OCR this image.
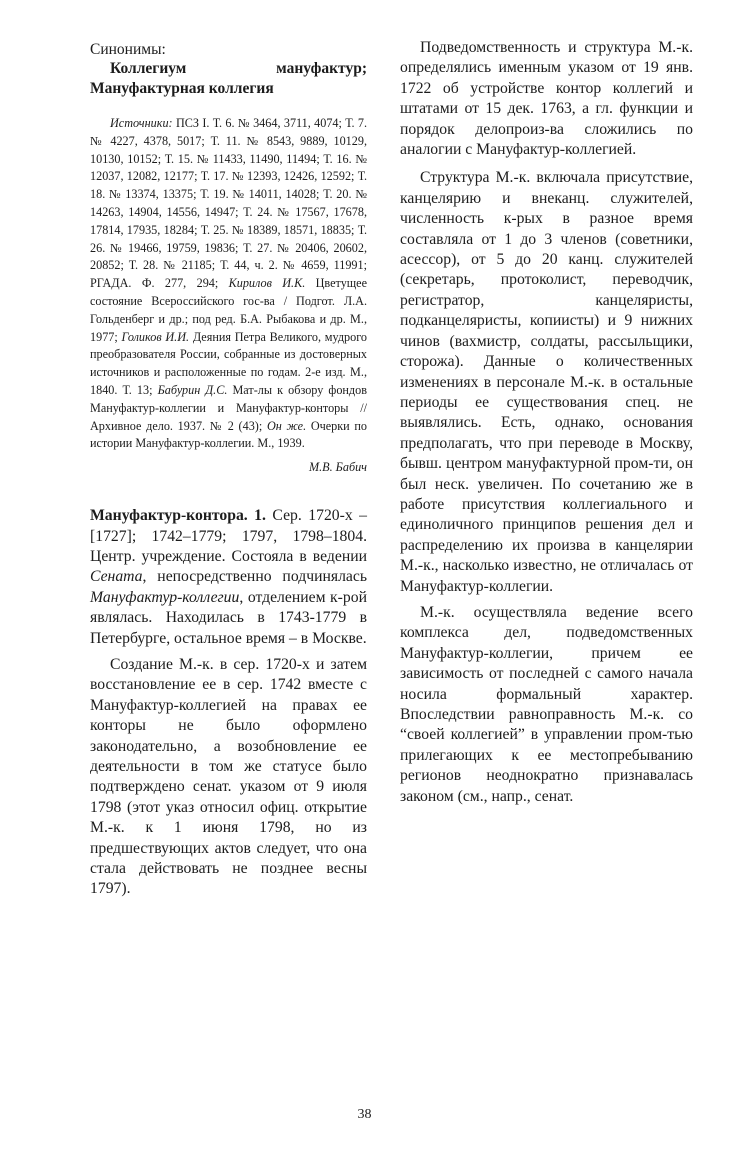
Синонимы:

Коллегиум мануфактур; Мануфактурная коллегия

Источники: ПСЗ I. Т. 6. № 3464, 3711, 4074; Т. 7. № 4227, 4378, 5017; Т. 11. № 8543, 9889, 10129, 10130, 10152; Т. 15. № 11433, 11490, 11494; Т. 16. № 12037, 12082, 12177; Т. 17. № 12393, 12426, 12592; Т. 18. № 13374, 13375; Т. 19. № 14011, 14028; Т. 20. № 14263, 14904, 14556, 14947; Т. 24. № 17567, 17678, 17814, 17935, 18284; Т. 25. № 18389, 18571, 18835; Т. 26. № 19466, 19759, 19836; Т. 27. № 20406, 20602, 20852; Т. 28. № 21185; Т. 44, ч. 2. № 4659, 11991; РГАДА. Ф. 277, 294; Кирилов И.К. Цветущее состояние Всероссийского гос-ва / Подгот. Л.А. Гольденберг и др.; под ред. Б.А. Рыбакова и др. М., 1977; Голиков И.И. Деяния Петра Великого, мудрого преобразователя России, собранные из достоверных источников и расположенные по годам. 2-е изд. М., 1840. Т. 13; Бабурин Д.С. Мат-лы к обзору фондов Мануфактур-коллегии и Мануфактур-конторы // Архивное дело. 1937. № 2 (43); Он же. Очерки по истории Мануфактур-коллегии. М., 1939.

М.В. Бабич

Мануфактур-контора. 1. Сер. 1720-х – [1727]; 1742–1779; 1797, 1798–1804. Центр. учреждение. Состояла в ведении Сената, непосредственно подчинялась Мануфактур-коллегии, отделением к-рой являлась. Находилась в 1743-1779 в Петербурге, остальное время – в Москве.

Создание М.-к. в сер. 1720-х и затем восстановление ее в сер. 1742 вместе с Мануфактур-коллегией на правах ее конторы не было оформлено законодательно, а возобновление ее деятельности в том же статусе было подтверждено сенат. указом от 9 июля 1798 (этот указ относил офиц. открытие М.-к. к 1 июня 1798, но из предшествующих актов следует, что она стала действовать не позднее весны 1797).

Подведомственность и структура М.-к. определялись именным указом от 19 янв. 1722 об устройстве контор коллегий и штатами от 15 дек. 1763, а гл. функции и порядок делопроиз-ва сложились по аналогии с Мануфактур-коллегией.

Структура М.-к. включала присутствие, канцелярию и внеканц. служителей, численность к-рых в разное время составляла от 1 до 3 членов (советники, асессор), от 5 до 20 канц. служителей (секретарь, протоколист, переводчик, регистратор, канцеляристы, подканцеляристы, копиисты) и 9 нижних чинов (вахмистр, солдаты, рассыльщики, сторожа). Данные о количественных изменениях в персонале М.-к. в остальные периоды ее существования спец. не выявлялись. Есть, однако, основания предполагать, что при переводе в Москву, бывш. центром мануфактурной пром-ти, он был неск. увеличен. По сочетанию же в работе присутствия коллегиального и единоличного принципов решения дел и распределению их произва в канцелярии М.-к., насколько известно, не отличалась от Мануфактур-коллегии.

М.-к. осуществляла ведение всего комплекса дел, подведомственных Мануфактур-коллегии, причем ее зависимость от последней с самого начала носила формальный характер. Впоследствии равноправность М.-к. со “своей коллегией” в управлении пром-тью прилегающих к ее местопребыванию регионов неоднократно признавалась законом (см., напр., сенат.

38
